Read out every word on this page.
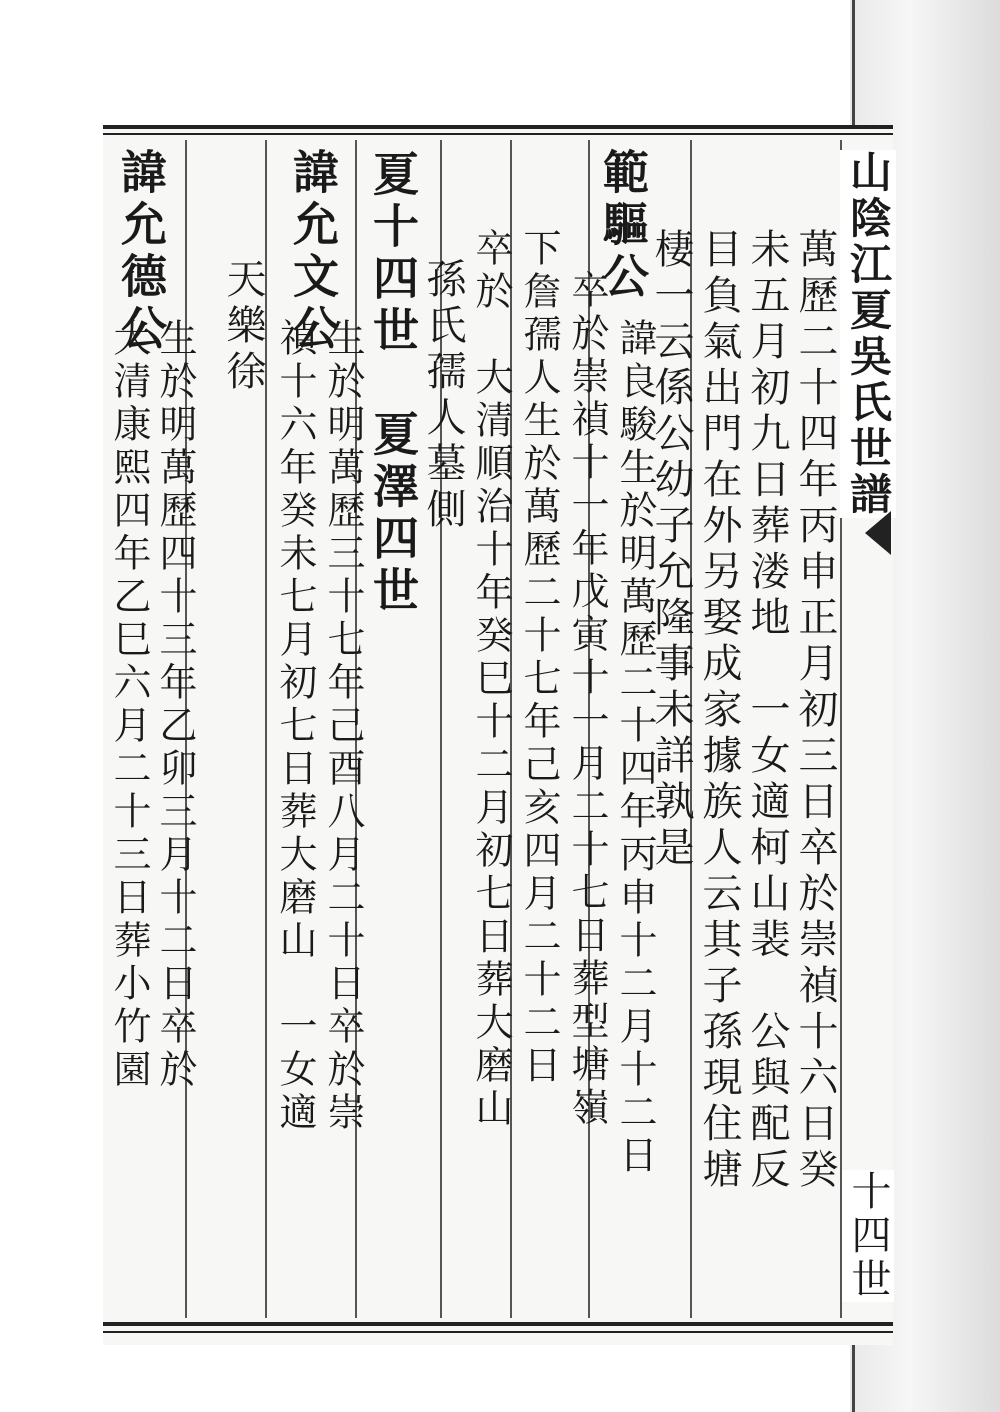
山陰江夏吳氏世譜
十四世
萬歷二十四年丙申正月初三日卒於崇禎十六日癸
未五月初九日葬溇地　一女適柯山裴　公與配反
目負氣出門在外另娶成家據族人云其子孫現住塘
棲一云係公幼子允隆事未詳孰是
範驅公
諱良駿生於明萬歷二十四年丙申十二月十二日
卒於崇禎十一年戊寅十一月二十七日葬型塘嶺
下詹孺人生於萬歷二十七年己亥四月二十二日
卒於　大清順治十年癸巳十二月初七日葬大磨山
孫氏孺人墓側
夏十四世　夏澤四世
諱允文公
生於明萬歷三十七年己酉八月二十日卒於崇
禎十六年癸未七月初七日葬大磨山　一女適
天樂徐
諱允德公
生於明萬歷四十三年乙卯三月十二日卒於
大清康熙四年乙巳六月二十三日葬小竹園
